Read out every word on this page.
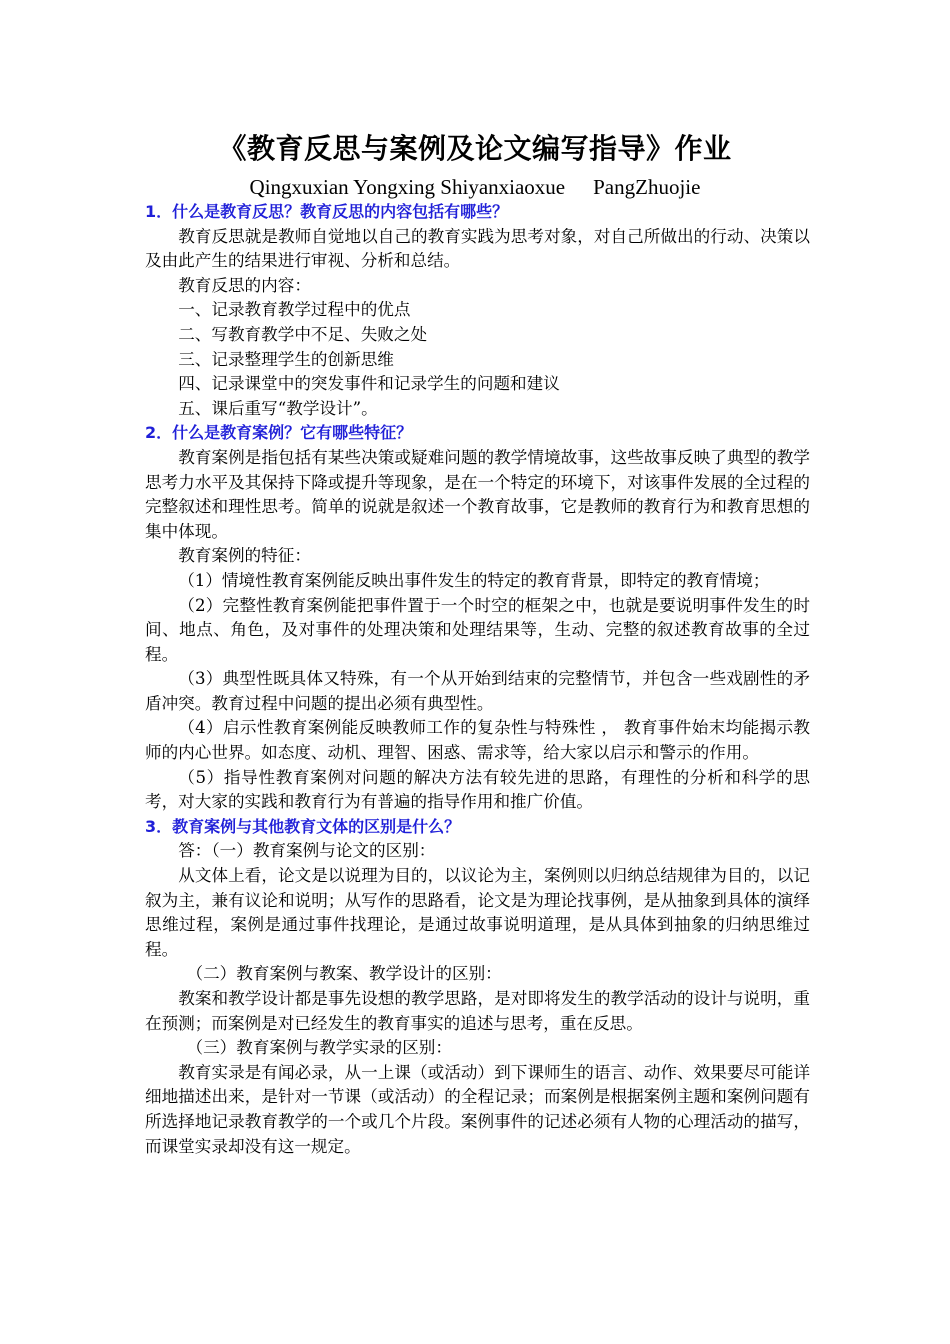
《教育反思与案例及论文编写指导》作业
Qingxuxian Yongxing Shiyanxiaoxue PangZhuojie

1．什么是教育反思？教育反思的内容包括有哪些？

教育反思就是教师自觉地以自己的教育实践为思考对象，对自己所做出的行动、决策以及由此产生的结果进行审视、分析和总结。

教育反思的内容：

一、记录教育教学过程中的优点

二、写教育教学中不足、失败之处

三、记录整理学生的创新思维

四、记录课堂中的突发事件和记录学生的问题和建议

五、课后重写“教学设计”。

2．什么是教育案例？它有哪些特征？

教育案例是指包括有某些决策或疑难问题的教学情境故事，这些故事反映了典型的教学思考力水平及其保持下降或提升等现象，是在一个特定的环境下，对该事件发展的全过程的完整叙述和理性思考。简单的说就是叙述一个教育故事，它是教师的教育行为和教育思想的集中体现。

教育案例的特征：

（1）情境性教育案例能反映出事件发生的特定的教育背景，即特定的教育情境；

（2）完整性教育案例能把事件置于一个时空的框架之中，也就是要说明事件发生的时间、地点、角色，及对事件的处理决策和处理结果等，生动、完整的叙述教育故事的全过程。

（3）典型性既具体又特殊，有一个从开始到结束的完整情节，并包含一些戏剧性的矛盾冲突。教育过程中问题的提出必须有典型性。

（4）启示性教育案例能反映教师工作的复杂性与特殊性 ， 教育事件始末均能揭示教师的内心世界。如态度、动机、理智、困惑、需求等，给大家以启示和警示的作用。

（5）指导性教育案例对问题的解决方法有较先进的思路，有理性的分析和科学的思考，对大家的实践和教育行为有普遍的指导作用和推广价值。

3．教育案例与其他教育文体的区别是什么？

答：（一）教育案例与论文的区别：

从文体上看，论文是以说理为目的，以议论为主，案例则以归纳总结规律为目的，以记叙为主，兼有议论和说明；从写作的思路看，论文是为理论找事例，是从抽象到具体的演绎思维过程，案例是通过事件找理论，是通过故事说明道理，是从具体到抽象的归纳思维过程。

（二）教育案例与教案、教学设计的区别：

教案和教学设计都是事先设想的教学思路，是对即将发生的教学活动的设计与说明，重在预测；而案例是对已经发生的教育事实的追述与思考，重在反思。

（三）教育案例与教学实录的区别：

教育实录是有闻必录，从一上课（或活动）到下课师生的语言、动作、效果要尽可能详细地描述出来，是针对一节课（或活动）的全程记录；而案例是根据案例主题和案例问题有所选择地记录教育教学的一个或几个片段。案例事件的记述必须有人物的心理活动的描写，而课堂实录却没有这一规定。
